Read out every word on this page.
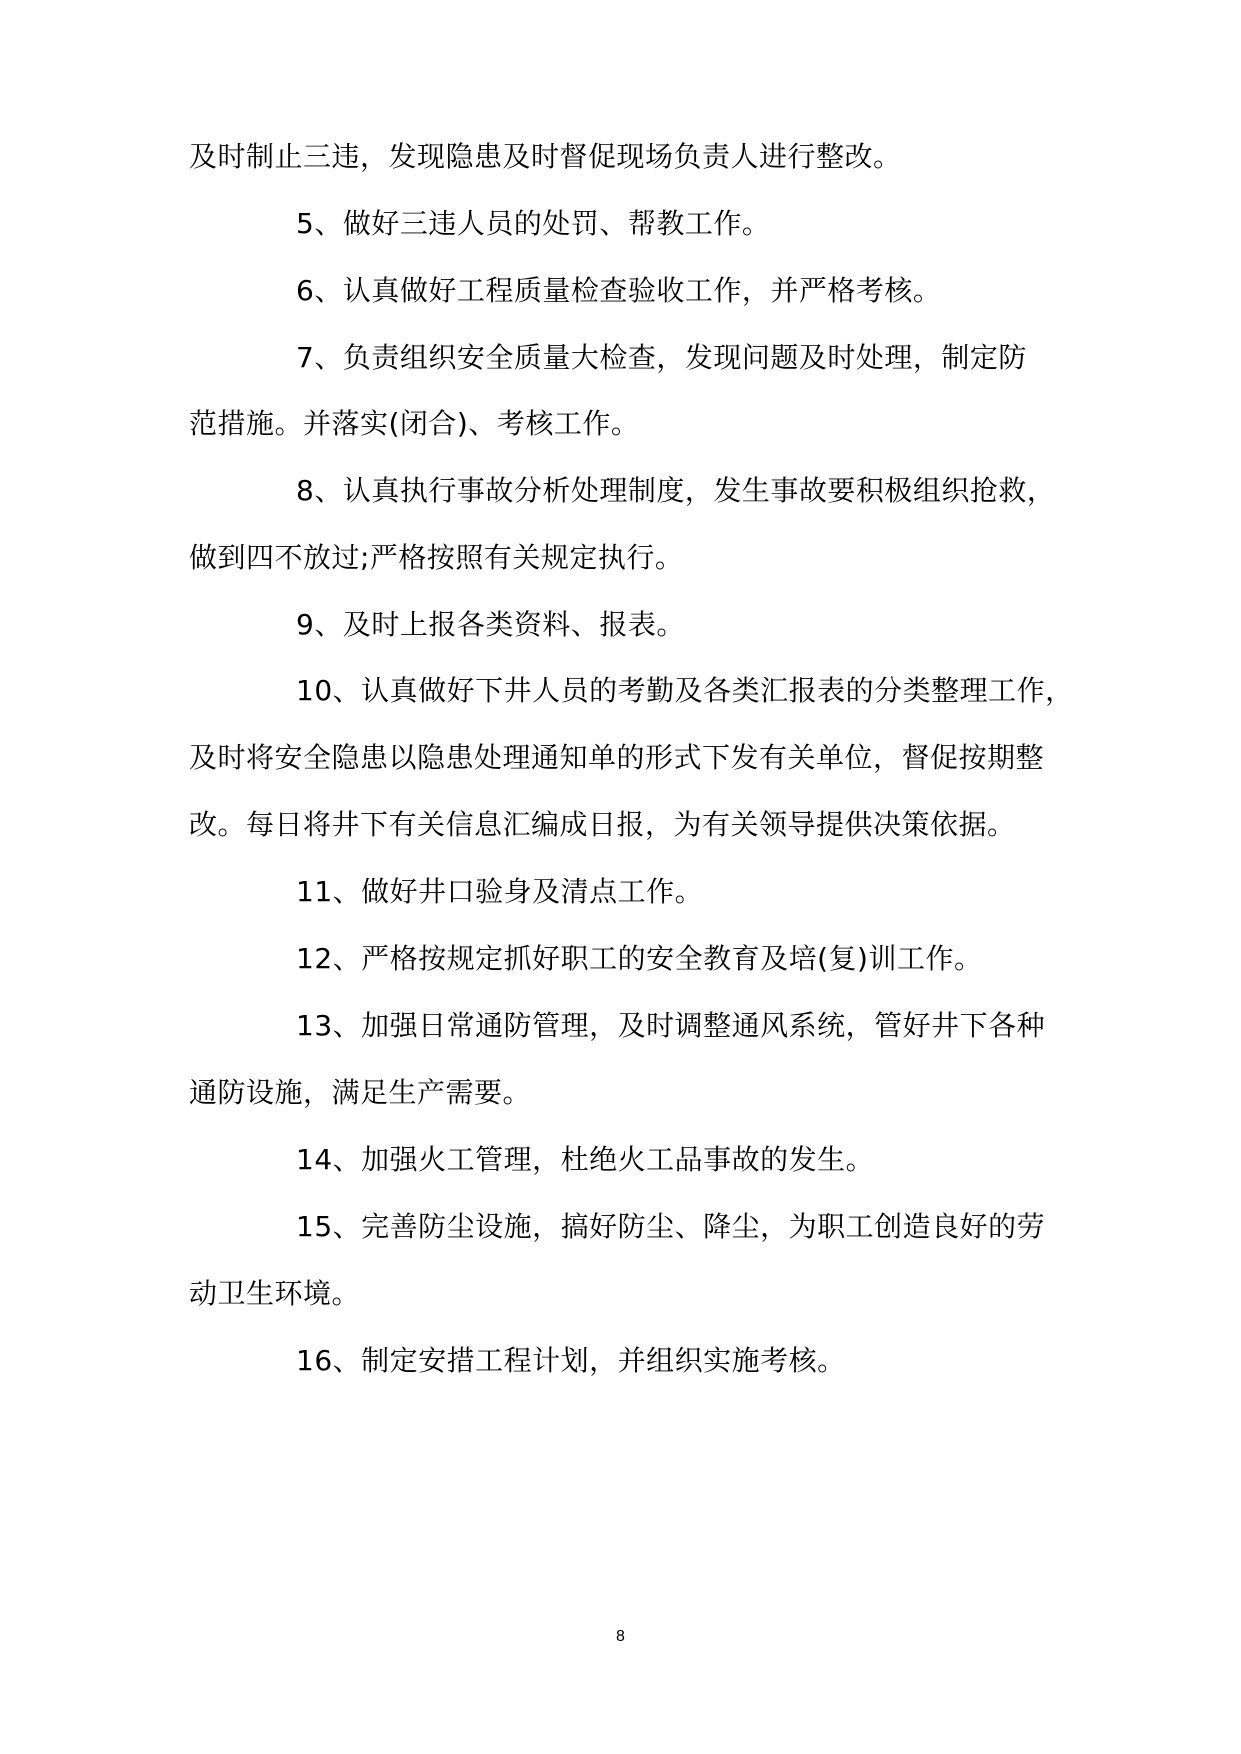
及时制止三违，发现隐患及时督促现场负责人进行整改。
5、做好三违人员的处罚、帮教工作。
6、认真做好工程质量检查验收工作，并严格考核。
7、负责组织安全质量大检查，发现问题及时处理，制定防
范措施。并落实(闭合)、考核工作。
8、认真执行事故分析处理制度，发生事故要积极组织抢救，
做到四不放过;严格按照有关规定执行。
9、及时上报各类资料、报表。
10、认真做好下井人员的考勤及各类汇报表的分类整理工作，
及时将安全隐患以隐患处理通知单的形式下发有关单位，督促按期整
改。每日将井下有关信息汇编成日报，为有关领导提供决策依据。
11、做好井口验身及清点工作。
12、严格按规定抓好职工的安全教育及培(复)训工作。
13、加强日常通防管理，及时调整通风系统，管好井下各种
通防设施，满足生产需要。
14、加强火工管理，杜绝火工品事故的发生。
15、完善防尘设施，搞好防尘、降尘，为职工创造良好的劳
动卫生环境。
16、制定安措工程计划，并组织实施考核。
8
